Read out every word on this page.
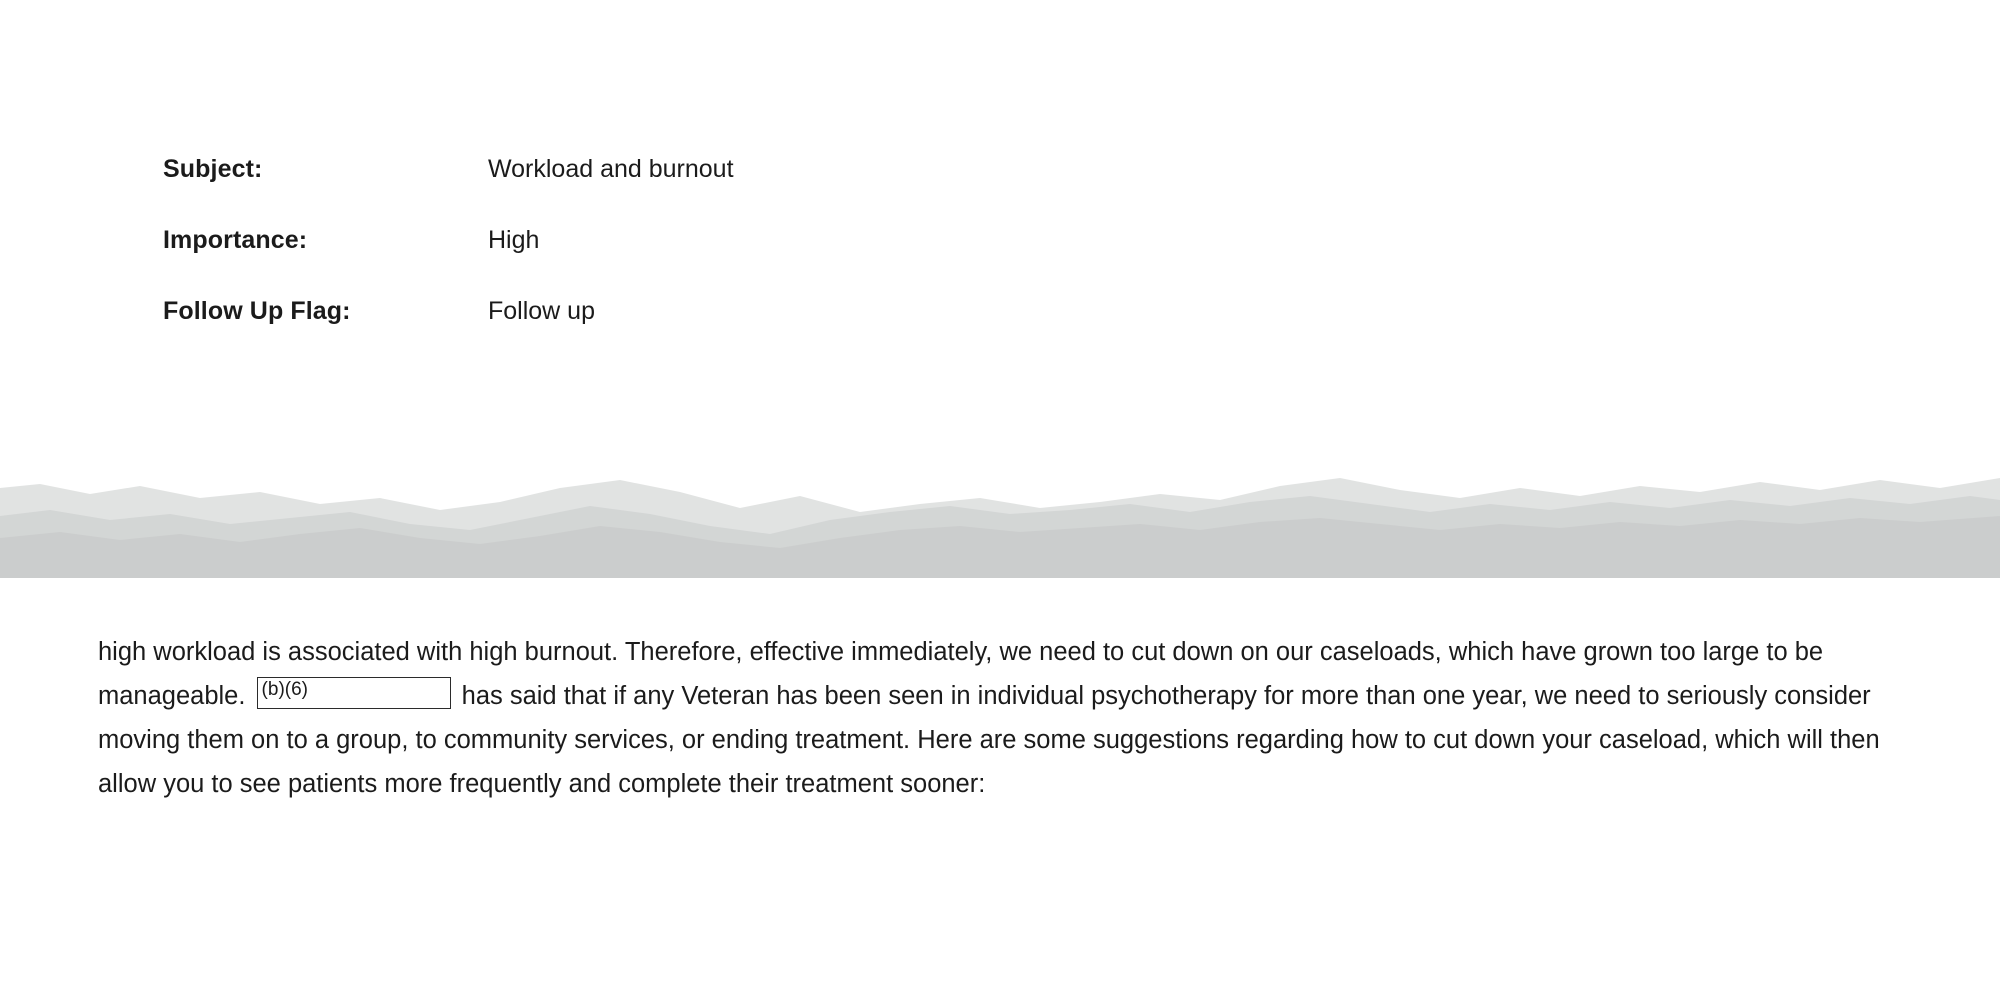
Subject:	Workload and burnout
Importance:	High
Follow Up Flag:	Follow up
high workload is associated with high burnout. Therefore, effective immediately, we need to cut down on our caseloads, which have grown too large to be manageable. (b)(6)	has said that if any Veteran has been seen in individual psychotherapy for more than one year, we need to seriously consider moving them on to a group, to community services, or ending treatment. Here are some suggestions regarding how to cut down your caseload, which will then allow you to see patients more frequently and complete their treatment sooner:
